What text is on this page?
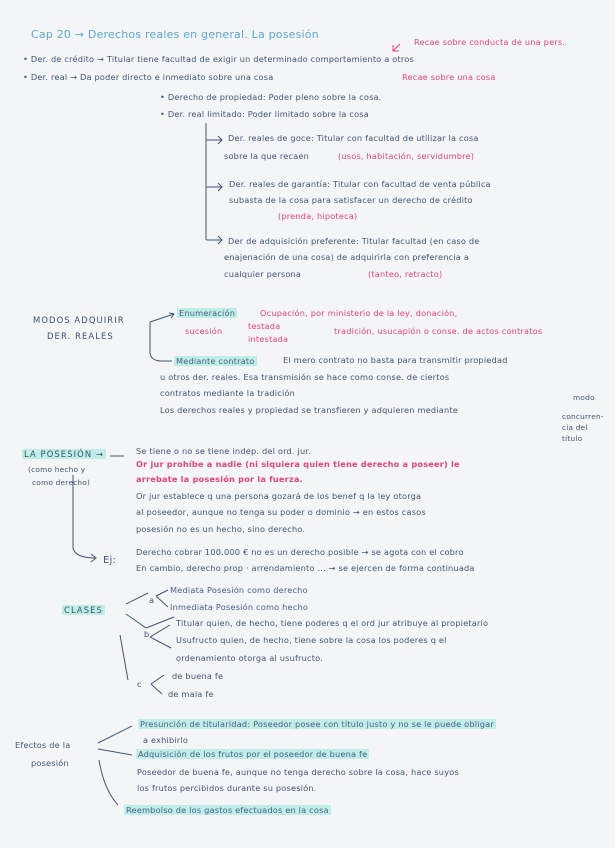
Cap 20 → Derechos reales en general. La posesión
Recae sobre conducta de una pers.
• Der. de crédito → Titular tiene facultad de exigir un determinado comportamiento a otros
• Der. real → Da poder directo e inmediato sobre una cosa	Recae sobre una cosa
• Derecho de propiedad: Poder pleno sobre la cosa.
• Der. real limitado: Poder limitado sobre la cosa
Der. reales de goce: Titular con facultad de utilizar la cosa
sobre la que recaen	(usos, habitación, servidumbre)
Der. reales de garantía: Titular con facultad de venta pública
subasta de la cosa para satisfacer un derecho de crédito
(prenda, hipoteca)
Der de adquisición preferente: Titular facultad (en caso de
enajenación de una cosa) de adquirirla con preferencia a
cualquier persona	(tanteo, retracto)
MODOS ADQUIRIR
DER. REALES
Enumeración	Ocupación, por ministerio de la ley, donación,
sucesión	testada
intestada
tradición, usucapión o conse. de actos contratos
Mediante contrato	El mero contrato no basta para transmitir propiedad
u otros der. reales. Esa transmisión se hace como conse. de ciertos
contratos mediante la tradición
Los derechos reales y propiedad se transfieren y adquieren mediante
modo
concurren-
cia del
título
LA POSESIÓN →
(como hecho y
como derecho)
Se tiene o no se tiene indep. del ord. jur.
Or jur prohíbe a nadie (ni siquiera quien tiene derecho a poseer) le
arrebate la posesión por la fuerza.
Or jur establece q una persona gozará de los benef q la ley otorga
al poseedor, aunque no tenga su poder o dominio → en estos casos
posesión no es un hecho, sino derecho.
Ej:
Derecho cobrar 100.000 € no es un derecho posible → se agota con el cobro
En cambio, derecho prop · arrendamiento ... → se ejercen de forma continuada
CLASES
a
Mediata Posesión como derecho
Inmediata Posesión como hecho
b
Titular quien, de hecho, tiene poderes q el ord jur atribuye al propietario
Usufructo quien, de hecho, tiene sobre la cosa los poderes q el
ordenamiento otorga al usufructo.
c
de buena fe
de mala fe
Efectos de la
posesión
Presunción de titularidad: Poseedor posee con título justo y no se le puede obligar
a exhibirlo
Adquisición de los frutos por el poseedor de buena fe
Poseedor de buena fe, aunque no tenga derecho sobre la cosa, hace suyos
los frutos percibidos durante su posesión.
Reembolso de los gastos efectuados en la cosa
